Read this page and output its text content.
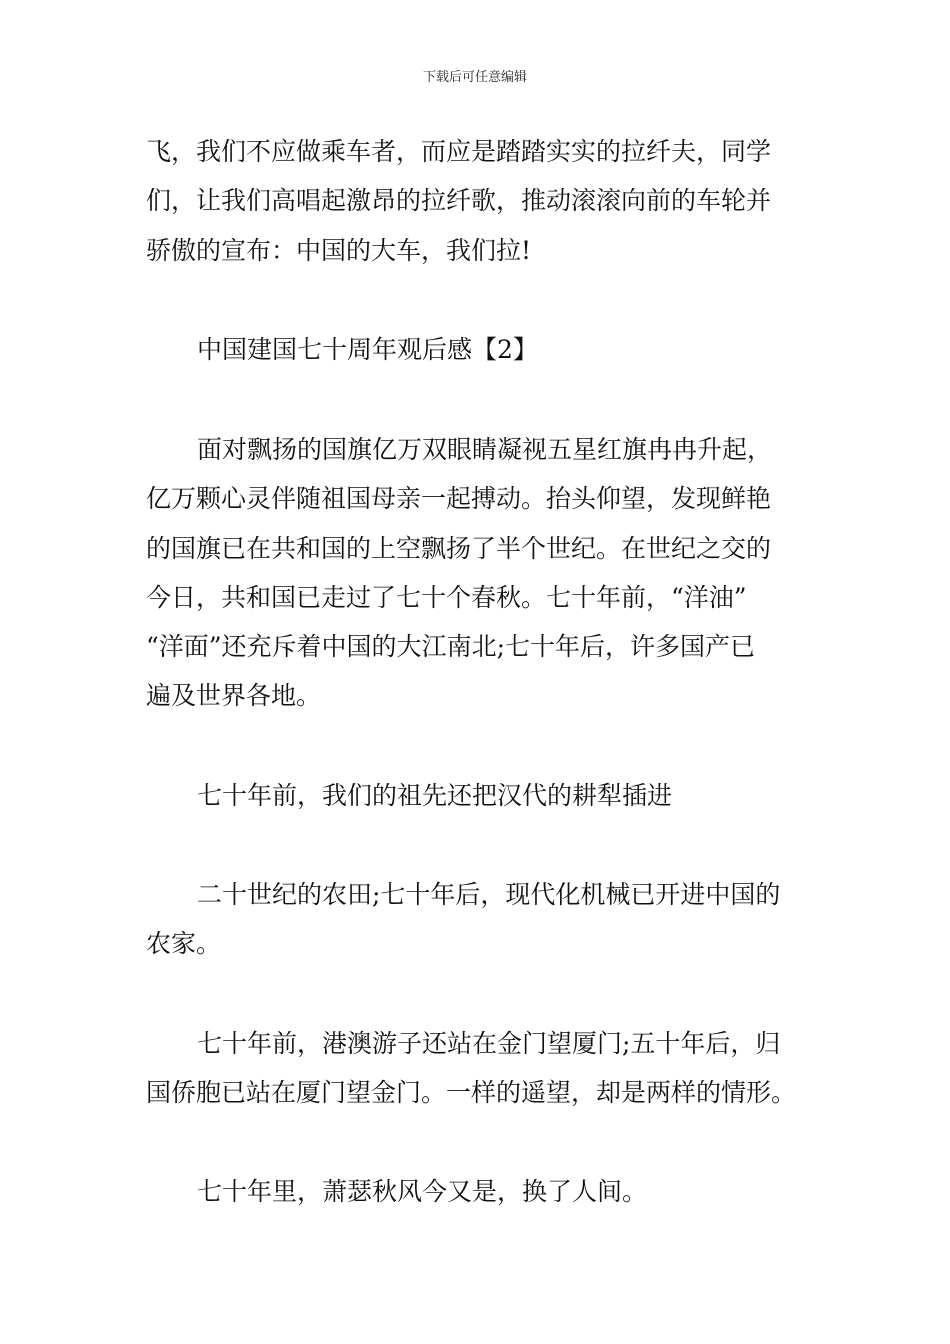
下载后可任意编辑
飞，我们不应做乘车者，而应是踏踏实实的拉纤夫，同学
们，让我们高唱起激昂的拉纤歌，推动滚滚向前的车轮并
骄傲的宣布：中国的大车，我们拉!
中国建国七十周年观后感【2】
面对飘扬的国旗亿万双眼睛凝视五星红旗冉冉升起，
亿万颗心灵伴随祖国母亲一起搏动。抬头仰望，发现鲜艳
的国旗已在共和国的上空飘扬了半个世纪。在世纪之交的
今日，共和国已走过了七十个春秋。七十年前，“洋油”
“洋面”还充斥着中国的大江南北;七十年后，许多国产已
遍及世界各地。
七十年前，我们的祖先还把汉代的耕犁插进
二十世纪的农田;七十年后，现代化机械已开进中国的
农家。
七十年前，港澳游子还站在金门望厦门;五十年后，归
国侨胞已站在厦门望金门。一样的遥望，却是两样的情形。
七十年里，萧瑟秋风今又是，换了人间。
